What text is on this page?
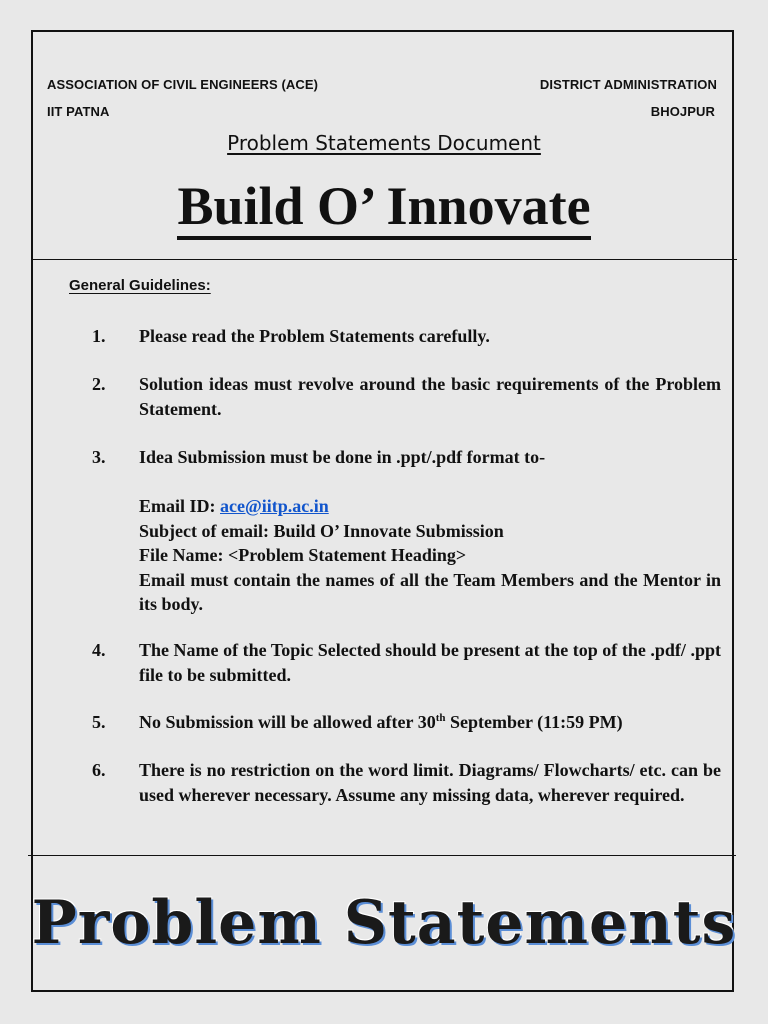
ASSOCIATION OF CIVIL ENGINEERS (ACE)
IIT PATNA
DISTRICT ADMINISTRATION
BHOJPUR
Problem Statements Document
Build O’ Innovate
General Guidelines:
1.	Please read the Problem Statements carefully.
2.	Solution ideas must revolve around the basic requirements of the Problem Statement.
3.	Idea Submission must be done in .ppt/.pdf format to-
Email ID: ace@iitp.ac.in
Subject of email: Build O’ Innovate Submission
File Name: <Problem Statement Heading>
Email must contain the names of all the Team Members and the Mentor in its body.
4.	The Name of the Topic Selected should be present at the top of the .pdf/ .ppt file to be submitted.
5.	No Submission will be allowed after 30th September (11:59 PM)
6.	There is no restriction on the word limit. Diagrams/ Flowcharts/ etc. can be used wherever necessary. Assume any missing data, wherever required.
Problem Statements
